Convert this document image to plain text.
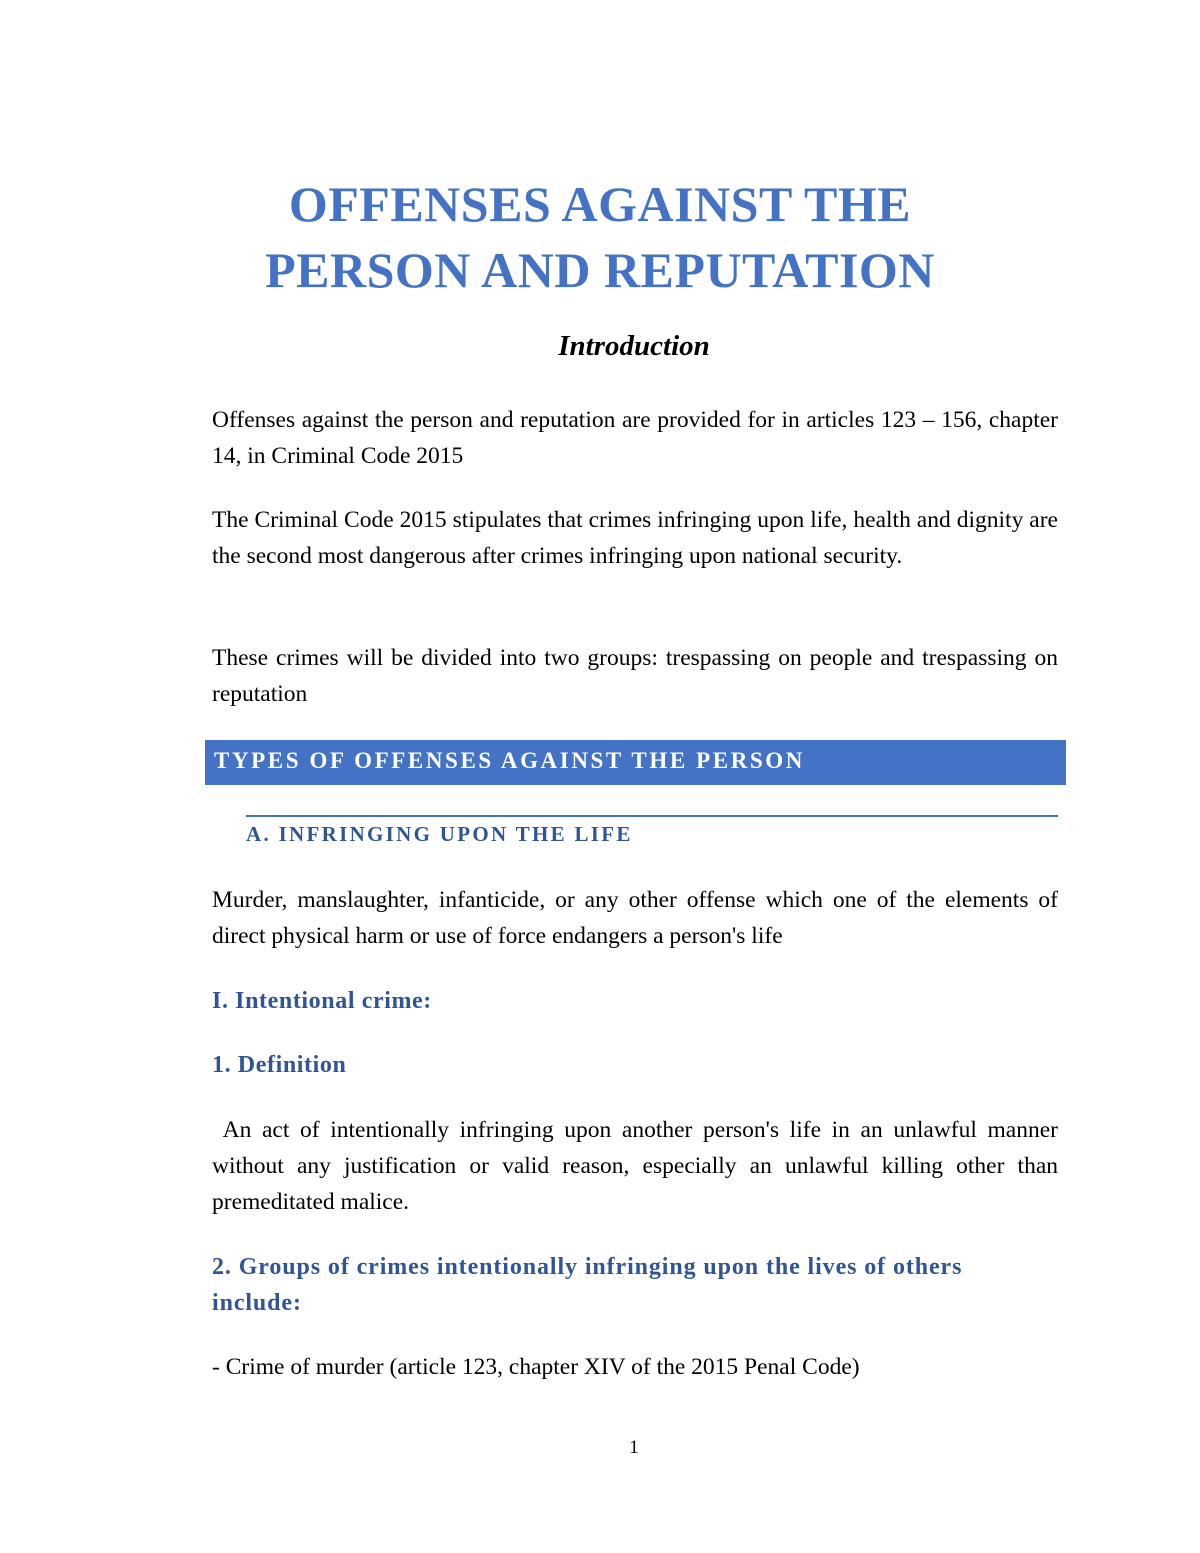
OFFENSES AGAINST THE
PERSON AND REPUTATION
Introduction

Offenses against the person and reputation are provided for in articles 123 – 156, chapter 14, in Criminal Code 2015

The Criminal Code 2015 stipulates that crimes infringing upon life, health and dignity are the second most dangerous after crimes infringing upon national security.

These crimes will be divided into two groups: trespassing on people and trespassing on reputation

TYPES OF OFFENSES AGAINST THE PERSON
A. INFRINGING UPON THE LIFE

Murder, manslaughter, infanticide, or any other offense which one of the elements of direct physical harm or use of force endangers a person's life

I. Intentional crime:
1. Definition

An act of intentionally infringing upon another person's life in an unlawful manner without any justification or valid reason, especially an unlawful killing other than premeditated malice.

2. Groups of crimes intentionally infringing upon the lives of others include:

- Crime of murder (article 123, chapter XIV of the 2015 Penal Code)

1
